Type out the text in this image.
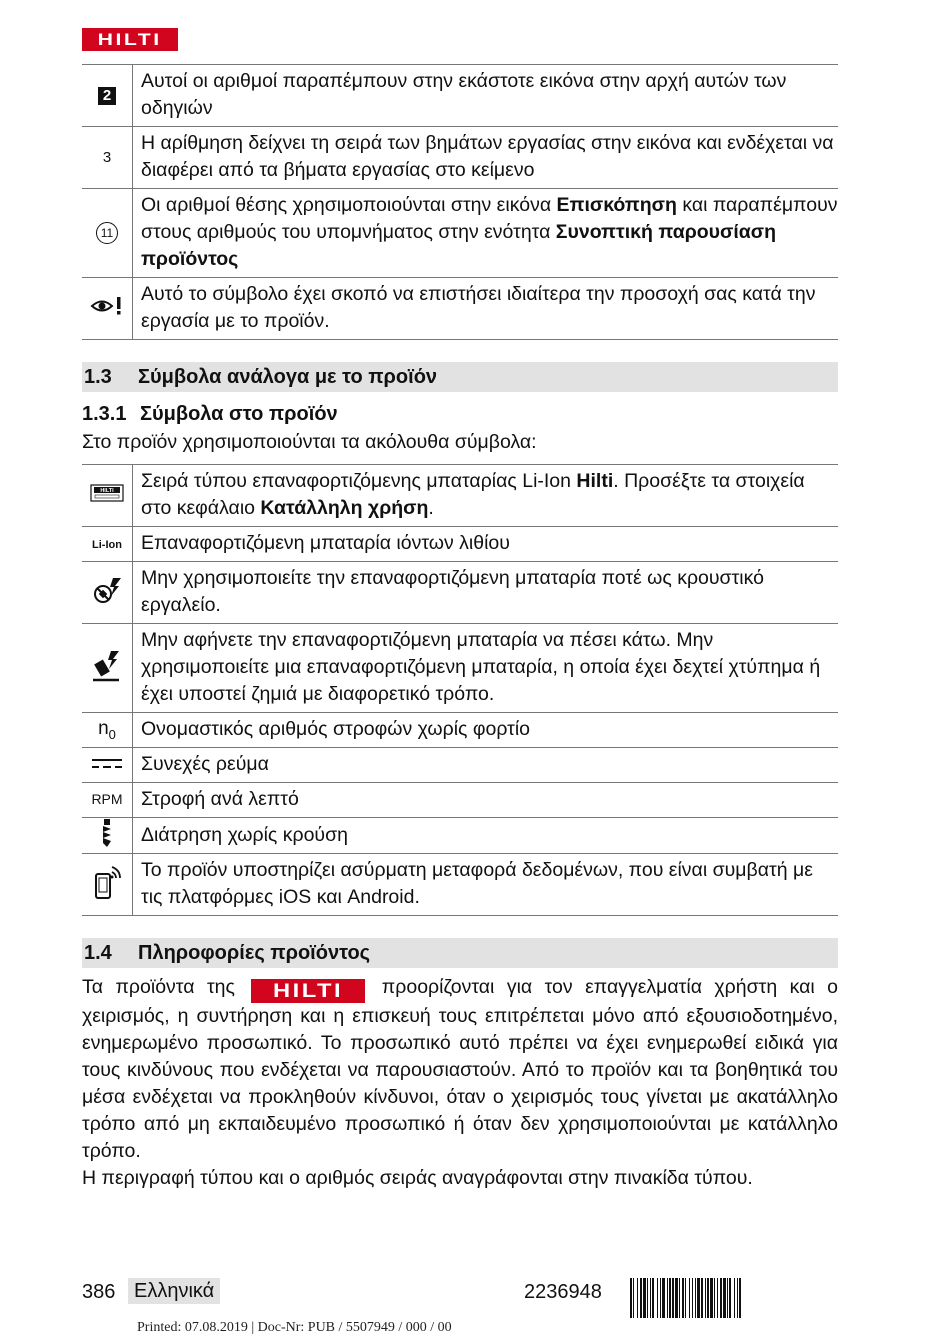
HILTI
2	Αυτοί οι αριθμοί παραπέμπουν στην εκάστοτε εικόνα στην αρχή αυτών των οδηγιών
3	Η αρίθμηση δείχνει τη σειρά των βημάτων εργασίας στην εικόνα και ενδέχεται να διαφέρει από τα βήματα εργασίας στο κείμενο
11	Οι αριθμοί θέσης χρησιμοποιούνται στην εικόνα Επισκόπηση και παραπέμπουν στους αριθμούς του υπομνήματος στην ενότητα Συνοπτική παρουσίαση προϊόντος
	Αυτό το σύμβολο έχει σκοπό να επιστήσει ιδιαίτερα την προσοχή σας κατά την εργασία με το προϊόν.
1.3 Σύμβολα ανάλογα με το προϊόν
1.3.1 Σύμβολα στο προϊόν
Στο προϊόν χρησιμοποιούνται τα ακόλουθα σύμβολα:
HILTI	Σειρά τύπου επαναφορτιζόμενης μπαταρίας Li-Ion Hilti. Προσέξτε τα στοιχεία στο κεφάλαιο Κατάλληλη χρήση.
Li-Ion	Επαναφορτιζόμενη μπαταρία ιόντων λιθίου
	Μην χρησιμοποιείτε την επαναφορτιζόμενη μπαταρία ποτέ ως κρουστικό εργαλείο.
	Μην αφήνετε την επαναφορτιζόμενη μπαταρία να πέσει κάτω. Μην χρησιμοποιείτε μια επαναφορτιζόμενη μπαταρία, η οποία έχει δεχτεί χτύπημα ή έχει υποστεί ζημιά με διαφορετικό τρόπο.
$n_0$	Ονομαστικός αριθμός στροφών χωρίς φορτίο
	Συνεχές ρεύμα
RPM	Στροφή ανά λεπτό
	Διάτρηση χωρίς κρούση
	Το προϊόν υποστηρίζει ασύρματη μεταφορά δεδομένων, που είναι συμβατή με τις πλατφόρμες iOS και Android.
1.4 Πληροφορίες προϊόντος
Τα προϊόντα της HILTI προορίζονται για τον επαγγελματία χρήστη και ο χειρισμός, η συντήρηση και η επισκευή τους επιτρέπεται μόνο από εξουσιοδοτημένο, ενημερωμένο προσωπικό. Το προσωπικό αυτό πρέπει να έχει ενημερωθεί ειδικά για τους κινδύνους που ενδέχεται να παρουσιαστούν. Από το προϊόν και τα βοηθητικά του μέσα ενδέχεται να προκληθούν κίνδυνοι, όταν ο χειρισμός τους γίνεται με ακατάλληλο τρόπο από μη εκπαιδευμένο προσωπικό ή όταν δεν χρησιμοποιούνται με κατάλληλο τρόπο.
Η περιγραφή τύπου και ο αριθμός σειράς αναγράφονται στην πινακίδα τύπου.
386 Ελληνικά	2236948
Printed: 07.08.2019 | Doc-Nr: PUB / 5507949 / 000 / 00
